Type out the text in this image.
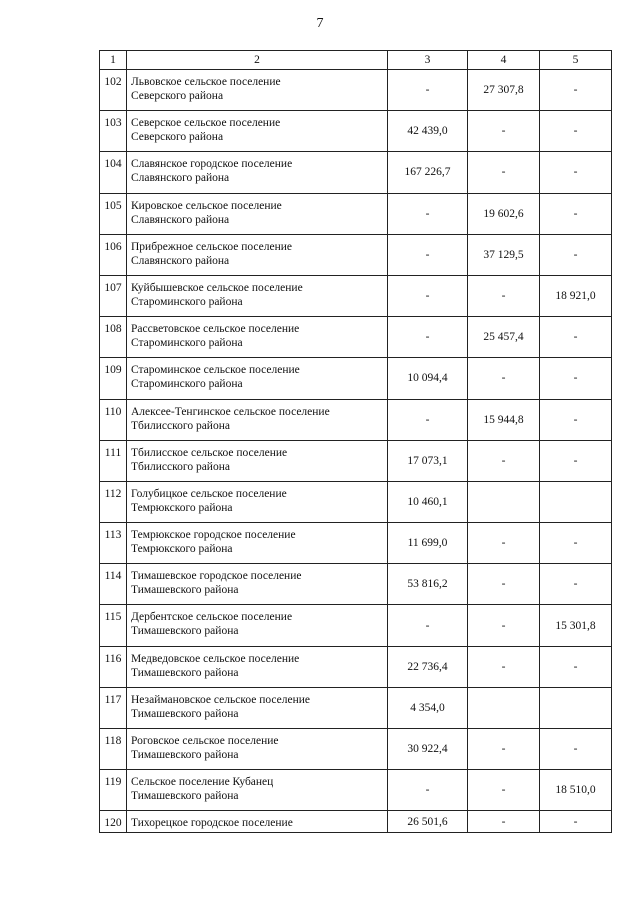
7
1	2	3	4	5
102	Львовское сельское поселение
Северского района	-	27 307,8	-
103	Северское сельское поселение
Северского района	42 439,0	-	-
104	Славянское городское поселение
Славянского района	167 226,7	-	-
105	Кировское сельское поселение
Славянского района	-	19 602,6	-
106	Прибрежное сельское поселение
Славянского района	-	37 129,5	-
107	Куйбышевское сельское поселение
Староминского района	-	-	18 921,0
108	Рассветовское сельское поселение
Староминского района	-	25 457,4	-
109	Староминское сельское поселение
Староминского района	10 094,4	-	-
110	Алексее-Тенгинское сельское поселение
Тбилисского района	-	15 944,8	-
111	Тбилисское сельское поселение
Тбилисского района	17 073,1	-	-
112	Голубицкое сельское поселение
Темрюкского района	10 460,1		
113	Темрюкское городское поселение
Темрюкского района	11 699,0	-	-
114	Тимашевское городское поселение
Тимашевского района	53 816,2	-	-
115	Дербентское сельское поселение
Тимашевского района	-	-	15 301,8
116	Медведовское сельское поселение
Тимашевского района	22 736,4	-	-
117	Незаймановское сельское поселение
Тимашевского района	4 354,0		
118	Роговское сельское поселение
Тимашевского района	30 922,4	-	-
119	Сельское поселение Кубанец
Тимашевского района	-	-	18 510,0
120	Тихорецкое городское поселение	26 501,6	-	-
